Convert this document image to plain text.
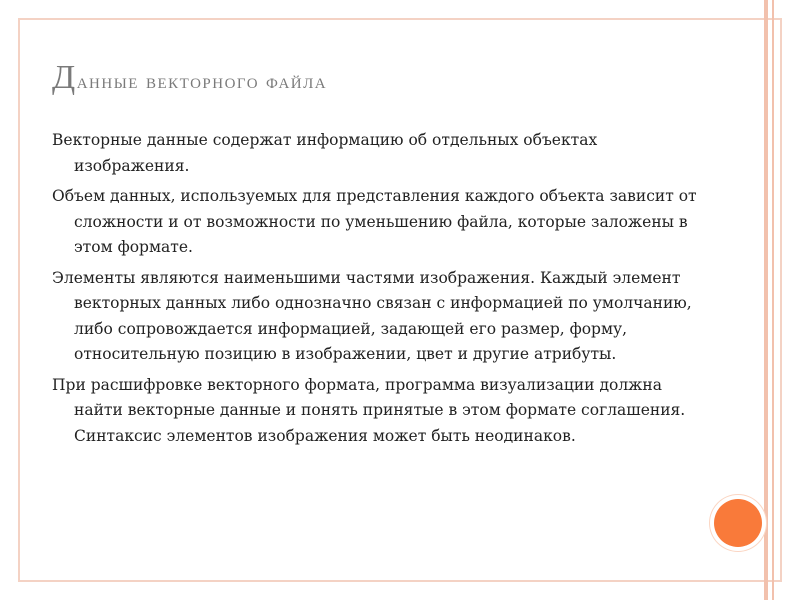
Данные векторного файла

Векторные данные содержат информацию об отдельных объектах изображения.

Объем данных, используемых для представления каждого объекта зависит от сложности и от возможности по уменьшению файла, которые заложены в этом формате.

Элементы являются наименьшими частями изображения. Каждый элемент векторных данных либо однозначно связан с информацией по умолчанию, либо сопровождается информацией, задающей его размер, форму, относительную позицию в изображении, цвет и другие атрибуты.

При расшифровке векторного формата, программа визуализации должна найти векторные данные и понять принятые в этом формате соглашения. Синтаксис элементов изображения может быть неодинаков.
